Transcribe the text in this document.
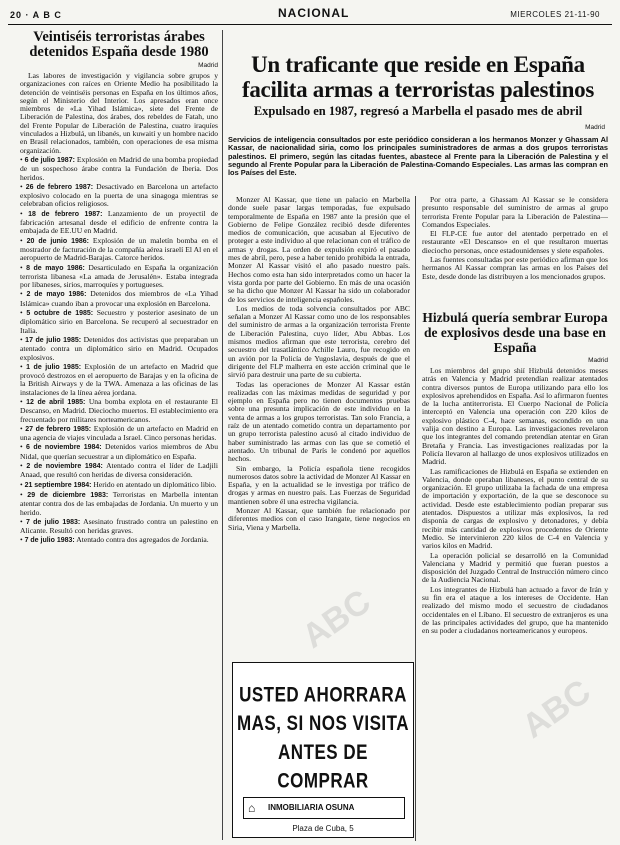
20 · A B C	NACIONAL	MIERCOLES 21-11-90
Veintiséis terroristas árabes detenidos España desde 1980
Madrid

Las labores de investigación y vigilancia sobre grupos y organizaciones con raíces en Oriente Medio ha posibilitado la detención de veintiséis personas en España en los últimos años, según el Ministerio del Interior. Los apresados eran once miembros de «La Yihad Islámica», siete del Frente de Liberación de Palestina, dos árabes, dos rebeldes de Fatah, uno del Frente Popular de Liberación de Palestina, cuatro iraquíes vinculados a Hizbulá, un libanés, un kuwaití y un hombre nacido en Brasil relacionados, también, con operaciones de esa misma organización.

• 6 de julio 1987: Explosión en Madrid de una bomba propiedad de un sospechoso árabe contra la Fundación de Iberia. Dos heridos.
• 26 de febrero 1987: Desactivado en Barcelona un artefacto explosivo colocado en la puerta de una sinagoga mientras se celebraban oficios religiosos.
• 18 de febrero 1987: Lanzamiento de un proyectil de fabricación artesanal desde el edificio de enfrente contra la embajada de EE.UU en Madrid.
• 20 de junio 1986: Explosión de un maletín bomba en el mostrador de facturación de la compañía aérea israelí El Al en el aeropuerto de Madrid-Barajas. Catorce heridos.
• 8 de mayo 1986: Desarticulado en España la organización terrorista libanesa «La amada de Jerusalén». Estaba integrada por libaneses, sirios, marroquíes y portugueses.
• 2 de mayo 1986: Detenidos dos miembros de «La Yihad Islámica» cuando iban a provocar una explosión en Barcelona.
• 5 octubre de 1985: Secuestro y posterior asesinato de un diplomático sirio en Barcelona. Se recuperó al secuestrador en Italia.
• 17 de julio 1985: Detenidos dos activistas que preparaban un atentado contra un diplomático sirio en Madrid. Ocupados explosivos.
• 1 de julio 1985: Explosión de un artefacto en Madrid que provocó destrozos en el aeropuerto de Barajas y en la oficina de la British Airways y de la TWA. Amenaza a las oficinas de las instalaciones de la línea aérea jordana.
• 12 de abril 1985: Una bomba explota en el restaurante El Descanso, en Madrid. Dieciocho muertos. El establecimiento era frecuentado por militares norteamericanos.
• 27 de febrero 1985: Explosión de un artefacto en Madrid en una agencia de viajes vinculada a Israel. Cinco personas heridas.
• 6 de noviembre 1984: Detenidos varios miembros de Abu Nidal, que querían secuestrar a un diplomático en España.
• 2 de noviembre 1984: Atentado contra el líder de Ladjili Anaad, que resultó con heridas de diversa consideración.
• 21 septiembre 1984: Herido en atentado un diplomático libio.
• 29 de diciembre 1983: Terroristas en Marbella intentan atentar contra dos de las embajadas de Jordania. Un muerto y un herido.
• 7 de julio 1983: Asesinato frustrado contra un palestino en Alicante. Resultó con heridas graves.
• 7 de julio 1983: Atentado contra dos agregados de Jordania.
Un traficante que reside en España facilita armas a terroristas palestinos
Expulsado en 1987, regresó a Marbella el pasado mes de abril
Madrid
Servicios de inteligencia consultados por este periódico consideran a los hermanos Monzer y Ghassam Al Kassar, de nacionalidad siria, como los principales suministradores de armas a dos grupos terroristas palestinos. El primero, según las citadas fuentes, abastece al Frente para la Liberación de Palestina y el segundo al Frente Popular para la Liberación de Palestina-Comando Especiales. Las armas las compran en los Países del Este.

Monzer Al Kassar, que tiene un palacio en Marbella donde suele pasar largas temporadas, fue expulsado temporalmente de España en 1987 ante la presión que el Gobierno de Felipe González recibió desde diferentes medios de comunicación, que acusaban al Ejecutivo de proteger a este individuo al que relacionan con el tráfico de armas y drogas. La orden de expulsión expiró el pasado mes de abril, pero, pese a haber tenido prohibida la entrada, Monzer Al Kassar visitó el año pasado nuestro país. Hechos como esta han sido interpretados como un hacer la vista gorda por parte del Gobierno. En más de una ocasión se ha dicho que Monzer Al Kassar ha sido un colaborador de los servicios de inteligencia españoles.

Los medios de toda solvencia consultados por ABC señalan a Monzer Al Kassar como uno de los responsables del suministro de armas a la organización terrorista Frente de Liberación Palestina, cuyo líder, Abu Abbas. Los mismos medios afirman que este terrorista, cerebro del secuestro del trasatlántico Achille Lauro, fue recogido en un avión por la Policía de Yugoslavia, después de que el dirigente del FLP malherra en este acción criminal que le sirvió para destruir una parte de su cubierta.

Todas las operaciones de Monzer Al Kassar están realizadas con las máximas medidas de seguridad y por ejemplo en España pero no tienen documentos pruebas sobre una presunta implicación de este individuo en la venta de armas a los grupos terroristas. Tan solo Francia, a raíz de un atentado cometido contra un departamento por un grupo terrorista palestino acusó al citado individuo de haber suministrado las armas con las que se cometió el atentado. Un tribunal de París le condenó por aquellos hechos.

Sin embargo, la Policía española tiene recogidos numerosos datos sobre la actividad de Monzer Al Kassar en España, y en la actualidad se le investiga por tráfico de drogas y armas en nuestro país. Las Fuerzas de Seguridad mantienen sobre él una estrecha vigilancia.

Monzer Al Kassar, que también fue relacionado por diferentes medios con el caso Irangate, tiene negocios en Siria, Viena y Marbella.

Por otra parte, a Ghassam Al Kassar se le considera presunto responsable del suministro de armas al grupo terrorista Frente Popular para la Liberación de Palestina—Comandos Especiales.

El FLP-CE fue autor del atentado perpetrado en el restaurante «El Descanso» en el que resultaron muertas dieciocho personas, once estadounidenses y siete españoles.

Las fuentes consultadas por este periódico afirman que los hermanos Al Kassar compran las armas en los Países del Este, desde donde las distribuyen a los mencionados grupos.

Hizbulá quería sembrar Europa de explosivos desde una base en España
Madrid

Los miembros del grupo shií Hizbulá detenidos meses atrás en Valencia y Madrid pretendían realizar atentados contra diversos puntos de Europa utilizando para ello los explosivos aprehendidos en España. Así lo afirmaron fuentes de la lucha antiterrorista. El Cuerpo Nacional de Policía interceptó en Valencia una operación con 220 kilos de explosivo plástico C-4, hace semanas, escondido en una valija con destino a Europa. Las investigaciones revelaron que los integrantes del comando pretendían atentar en Gran Bretaña y Francia. Las investigaciones realizadas por la Policía llevaron al hallazgo de unos explosivos utilizados en Madrid.

Las ramificaciones de Hizbulá en España se extienden en Valencia, donde operaban libaneses, el punto central de su organización. El grupo utilizaba la fachada de una empresa de importación y exportación, de la que se desconoce su actividad. Desde este establecimiento podían preparar sus atentados. Dispuestos a utilizar más explosivos, la red disponía de cargas de explosivo y detonadores, y debía recibir más cantidad de explosivos procedentes de Oriente Medio. Se intervinieron 220 kilos de C-4 en Valencia y varios kilos en Madrid.

La operación policial se desarrolló en la Comunidad Valenciana y Madrid y permitió que fueran puestos a disposición del Juzgado Central de Instrucción número cinco de la Audiencia Nacional.

Los integrantes de Hizbulá han actuado a favor de Irán y su fin era el ataque a los intereses de Occidente. Han realizado del mismo modo el secuestro de ciudadanos occidentales en el Líbano. El secuestro de extranjeros es una de las principales actividades del grupo, que ha mantenido en su poder a ciudadanos norteamericanos y europeos.

USTED AHORRARA MAS, SI NOS VISITA ANTES DE COMPRAR
⌂ INMOBILIARIA OSUNA
Plaza de Cuba, 5
ABC
ABC
